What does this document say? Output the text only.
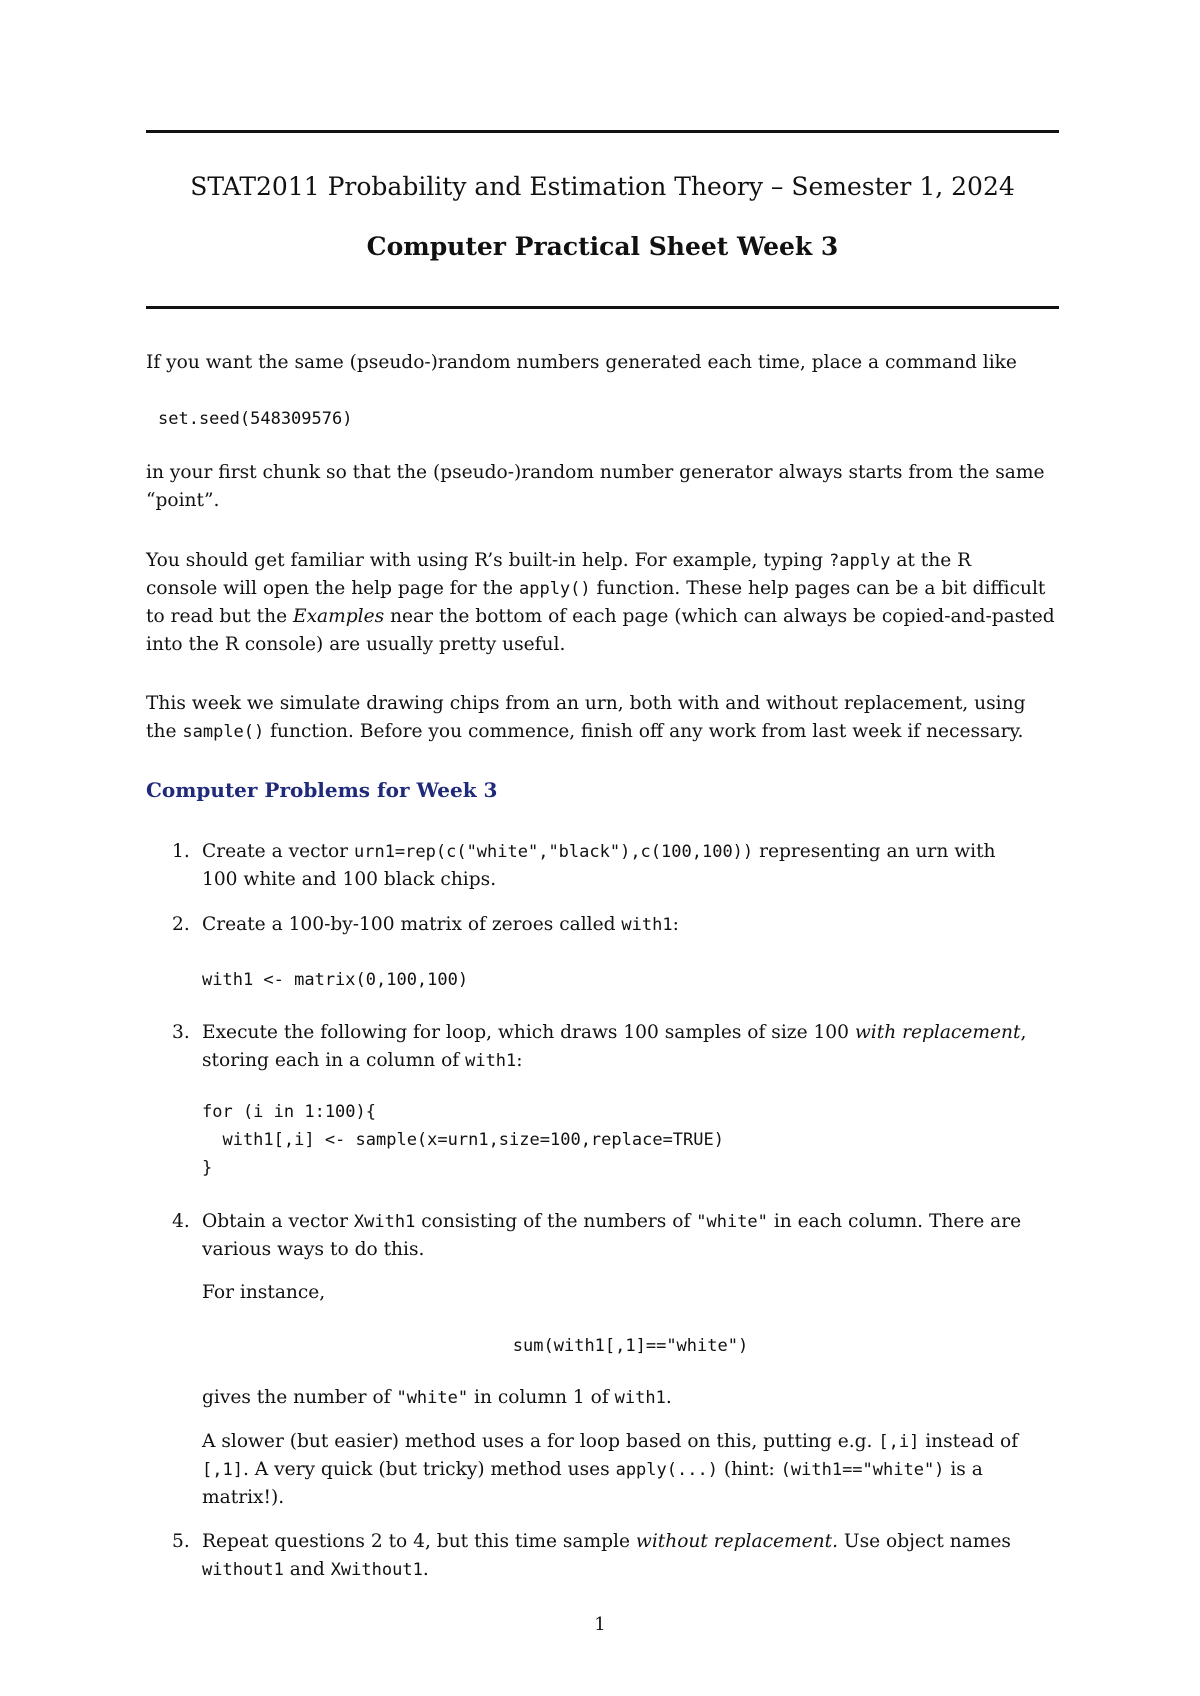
STAT2011 Probability and Estimation Theory – Semester 1, 2024
Computer Practical Sheet Week 3
If you want the same (pseudo-)random numbers generated each time, place a command like
set.seed(548309576)
in your first chunk so that the (pseudo-)random number generator always starts from the same
“point”.
You should get familiar with using R’s built-in help. For example, typing ?apply at the R
console will open the help page for the apply() function. These help pages can be a bit difficult
to read but the Examples near the bottom of each page (which can always be copied-and-pasted
into the R console) are usually pretty useful.
This week we simulate drawing chips from an urn, both with and without replacement, using
the sample() function. Before you commence, finish off any work from last week if necessary.
Computer Problems for Week 3
1. Create a vector urn1=rep(c("white","black"),c(100,100)) representing an urn with
100 white and 100 black chips.
2. Create a 100-by-100 matrix of zeroes called with1:
with1 <- matrix(0,100,100)
3. Execute the following for loop, which draws 100 samples of size 100 with replacement,
storing each in a column of with1:
for (i in 1:100){
with1[,i] <- sample(x=urn1,size=100,replace=TRUE)
}
4. Obtain a vector Xwith1 consisting of the numbers of "white" in each column. There are
various ways to do this.
For instance,
sum(with1[,1]=="white")
gives the number of "white" in column 1 of with1.
A slower (but easier) method uses a for loop based on this, putting e.g. [,i] instead of
[,1]. A very quick (but tricky) method uses apply(...) (hint: (with1=="white") is a
matrix!).
5. Repeat questions 2 to 4, but this time sample without replacement. Use object names
without1 and Xwithout1.
1
